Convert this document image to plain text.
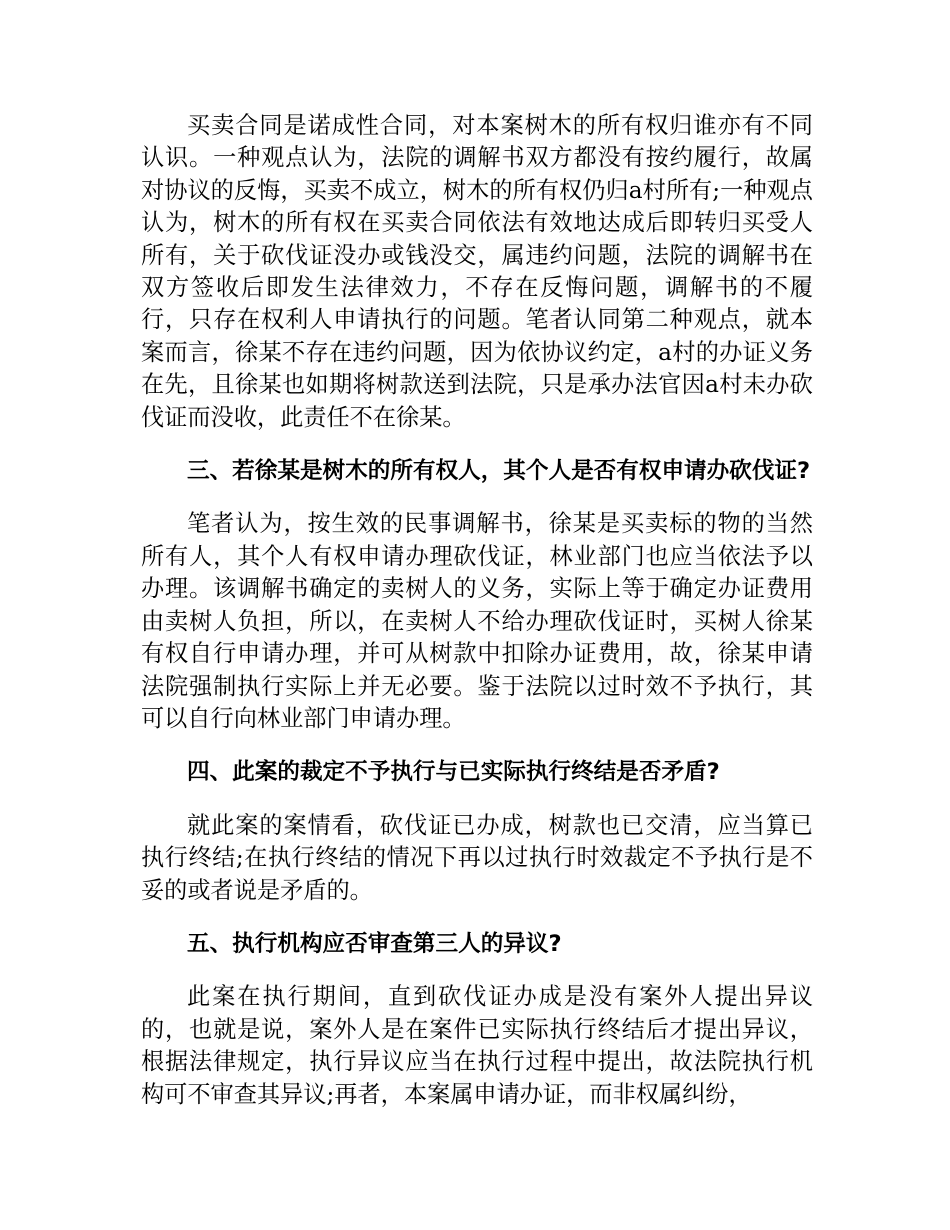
买卖合同是诺成性合同，对本案树木的所有权归谁亦有不同认识。一种观点认为，法院的调解书双方都没有按约履行，故属对协议的反悔，买卖不成立，树木的所有权仍归a村所有;一种观点认为，树木的所有权在买卖合同依法有效地达成后即转归买受人所有，关于砍伐证没办或钱没交，属违约问题，法院的调解书在双方签收后即发生法律效力，不存在反悔问题，调解书的不履行，只存在权利人申请执行的问题。笔者认同第二种观点，就本案而言，徐某不存在违约问题，因为依协议约定，a村的办证义务在先，且徐某也如期将树款送到法院，只是承办法官因a村未办砍伐证而没收，此责任不在徐某。

三、若徐某是树木的所有权人，其个人是否有权申请办砍伐证?

笔者认为，按生效的民事调解书，徐某是买卖标的物的当然所有人，其个人有权申请办理砍伐证，林业部门也应当依法予以办理。该调解书确定的卖树人的义务，实际上等于确定办证费用由卖树人负担，所以，在卖树人不给办理砍伐证时，买树人徐某有权自行申请办理，并可从树款中扣除办证费用，故，徐某申请法院强制执行实际上并无必要。鉴于法院以过时效不予执行，其可以自行向林业部门申请办理。

四、此案的裁定不予执行与已实际执行终结是否矛盾?

就此案的案情看，砍伐证已办成，树款也已交清，应当算已执行终结;在执行终结的情况下再以过执行时效裁定不予执行是不妥的或者说是矛盾的。

五、执行机构应否审查第三人的异议?

此案在执行期间，直到砍伐证办成是没有案外人提出异议的，也就是说，案外人是在案件已实际执行终结后才提出异议，根据法律规定，执行异议应当在执行过程中提出，故法院执行机构可不审查其异议;再者，本案属申请办证，而非权属纠纷，
